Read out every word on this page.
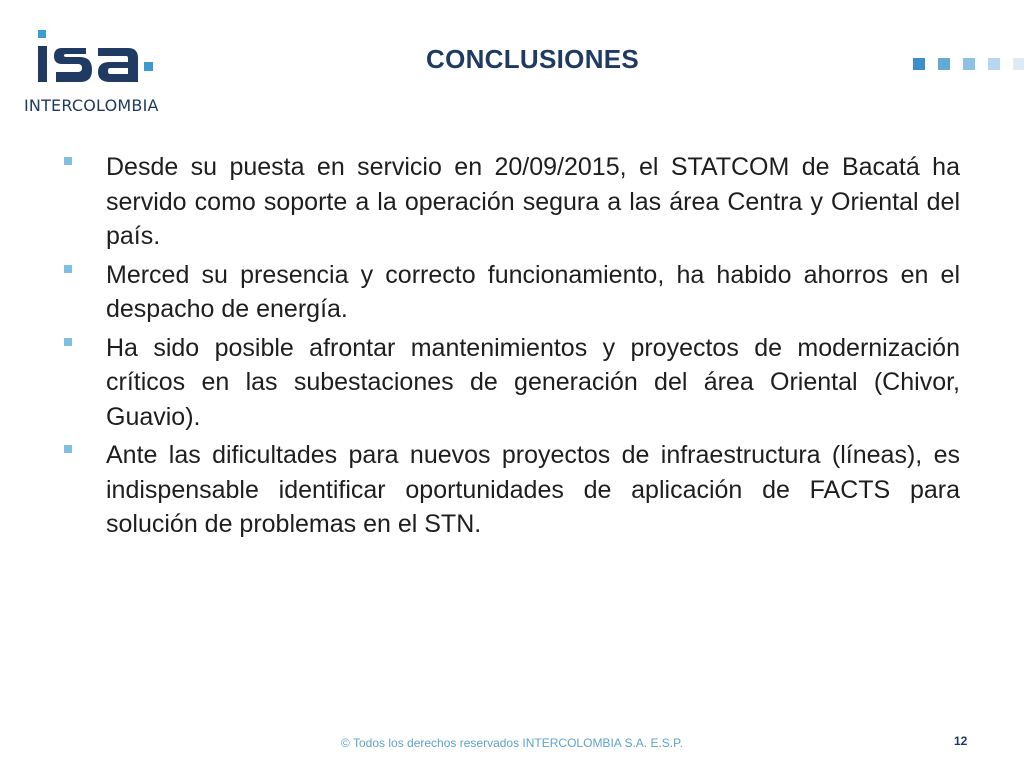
INTERCOLOMBIA
CONCLUSIONES

Desde su puesta en servicio en 20/09/2015, el STATCOM de Bacatá ha servido como soporte a la operación segura a las área Centra y Oriental del país.

Merced su presencia y correcto funcionamiento, ha habido ahorros en el despacho de energía.

Ha sido posible afrontar mantenimientos y proyectos de modernización críticos en las subestaciones de generación del área Oriental (Chivor, Guavio).

Ante las dificultades para nuevos proyectos de infraestructura (líneas), es indispensable identificar oportunidades de aplicación de FACTS para solución de problemas en el STN.

© Todos los derechos reservados INTERCOLOMBIA S.A. E.S.P.	12
